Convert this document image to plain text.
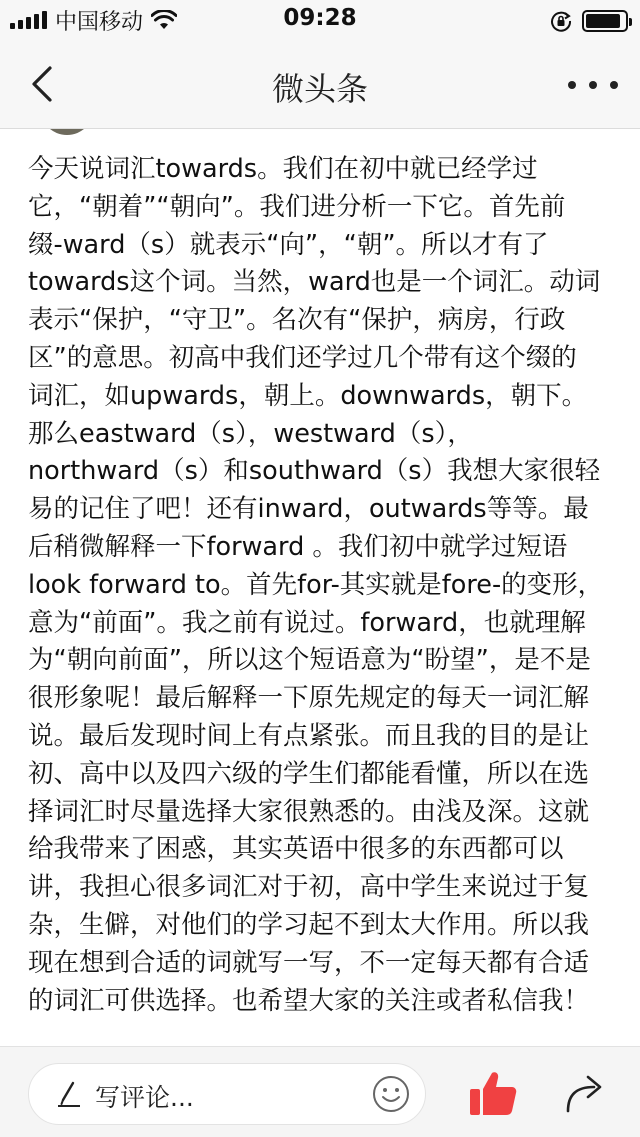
中国移动	09:28
微头条
今天说词汇towards。我们在初中就已经学过
它，“朝着”“朝向”。我们进分析一下它。首先前
缀-ward（s）就表示“向”，“朝”。所以才有了
towards这个词。当然，ward也是一个词汇。动词
表示“保护，“守卫”。名次有“保护，病房，行政
区”的意思。初高中我们还学过几个带有这个缀的
词汇，如upwards，朝上。downwards，朝下。
那么eastward（s），westward（s），
northward（s）和southward（s）我想大家很轻
易的记住了吧！还有inward，outwards等等。最
后稍微解释一下forward 。我们初中就学过短语
look forward to。首先for-其实就是fore-的变形，
意为“前面”。我之前有说过。forward，也就理解
为“朝向前面”，所以这个短语意为“盼望”，是不是
很形象呢！最后解释一下原先规定的每天一词汇解
说。最后发现时间上有点紧张。而且我的目的是让
初、高中以及四六级的学生们都能看懂，所以在选
择词汇时尽量选择大家很熟悉的。由浅及深。这就
给我带来了困惑，其实英语中很多的东西都可以
讲，我担心很多词汇对于初，高中学生来说过于复
杂，生僻，对他们的学习起不到太大作用。所以我
现在想到合适的词就写一写，不一定每天都有合适
的词汇可供选择。也希望大家的关注或者私信我！
写评论...
